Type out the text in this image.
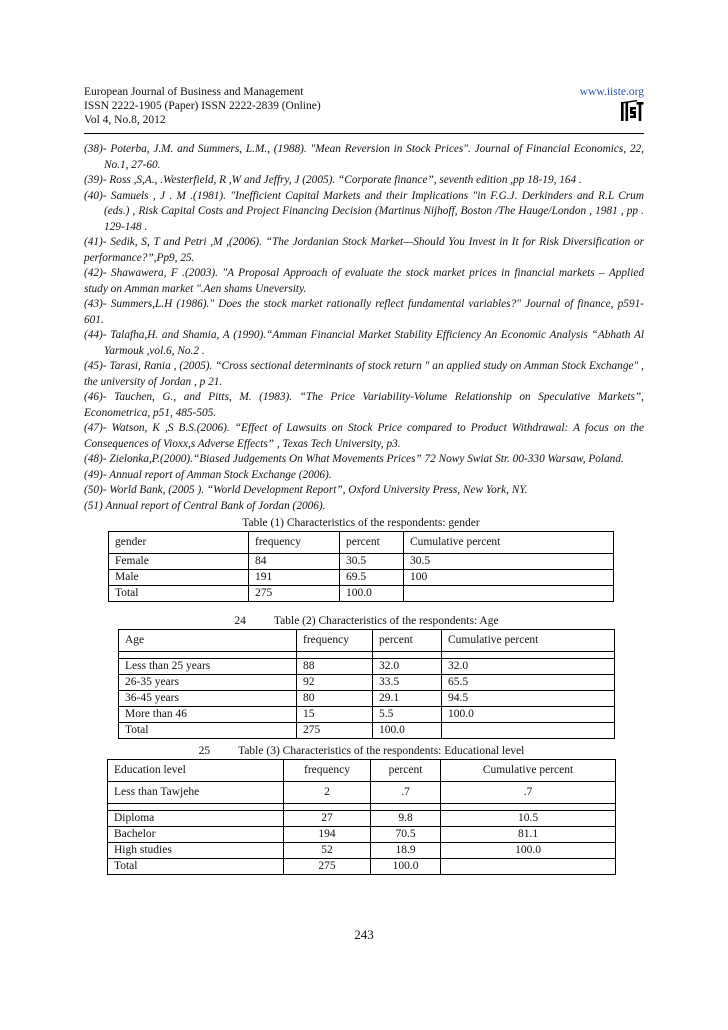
European Journal of Business and Management	www.iiste.org
ISSN 2222-1905 (Paper) ISSN 2222-2839 (Online)
Vol 4, No.8, 2012

(38)- Poterba, J.M. and Summers, L.M., (1988). "Mean Reversion in Stock Prices". Journal of Financial Economics, 22, No.1, 27-60.

(39)- Ross ,S,A., .Westerfield, R ,W and Jeffry, J (2005). “Corporate finance”, seventh edition ,pp 18-19, 164 .

(40)- Samuels , J . M .(1981). "Inefficient Capital Markets and their Implications "in F.G.J. Derkinders and R.L Crum (eds.) , Risk Capital Costs and Project Financing Decision (Martinus Nijhoff, Boston /The Hauge/London , 1981 , pp . 129-148 .

(41)- Sedik, S, T and Petri ,M ,(2006). “The Jordanian Stock Market—Should You Invest in It for Risk Diversification or performance?”,Pp9, 25.

(42)- Shawawera, F .(2003). "A Proposal Approach of evaluate the stock market prices in financial markets – Applied study on Amman market ".Aen shams Uneversity.

(43)- Summers,L.H (1986)." Does the stock market rationally reflect fundamental variables?" Journal of finance, p591-601.

(44)- Talafha,H. and Shamia, A (1990).“Amman Financial Market Stability Efficiency An Economic Analysis “Abhath Al Yarmouk ,vol.6, No.2 .

(45)- Tarasi, Rania , (2005). “Cross sectional determinants of stock return " an applied study on Amman Stock Exchange" , the university of Jordan , p 21.

(46)- Tauchen, G., and Pitts, M. (1983). “The Price Variability-Volume Relationship on Speculative Markets”, Econometrica, p51, 485-505.

(47)- Watson, K ,S B.S.(2006). “Effect of Lawsuits on Stock Price compared to Product Withdrawal: A focus on the Consequences of Vioxx,s Adverse Effects” , Texas Tech University, p3.

(48)- Zielonka,P.(2000).“Biased Judgements On What Movements Prices” 72 Nowy Swiat Str. 00-330 Warsaw, Poland.

(49)- Annual report of Amman Stock Exchange (2006).

(50)- World Bank, (2005 ). “World Development Report”, Oxford University Press, New York, NY.

(51) Annual report of Central Bank of Jordan (2006).

Table (1) Characteristics of the respondents: gender
gender	frequency	percent	Cumulative percent
Female	84	30.5	30.5
Male	191	69.5	100
Total	275	100.0	
24 Table (2) Characteristics of the respondents: Age
Age	frequency	percent	Cumulative percent

Less than 25 years	88	32.0	32.0
26-35 years	92	33.5	65.5
36-45 years	80	29.1	94.5
More than 46	15	5.5	100.0
Total	275	100.0	
25 Table (3) Characteristics of the respondents: Educational level
Education level	frequency	percent	Cumulative percent
Less than Tawjehe	2	.7	.7

Diploma	27	9.8	10.5
Bachelor	194	70.5	81.1
High studies	52	18.9	100.0
Total	275	100.0	
243
